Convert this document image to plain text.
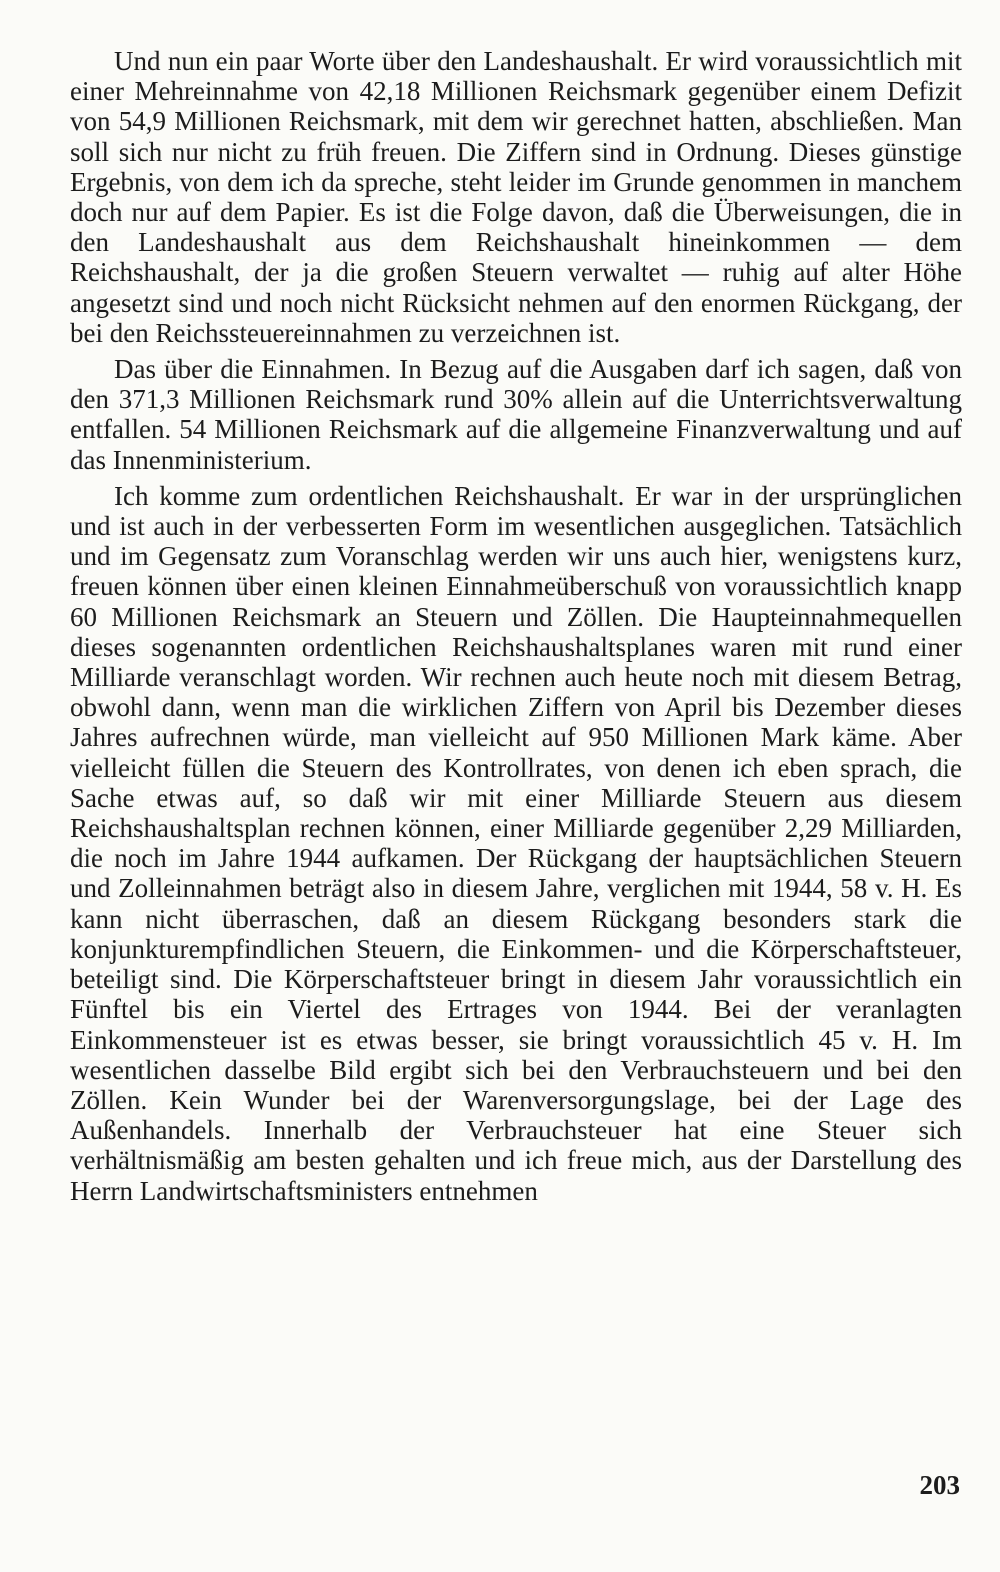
Und nun ein paar Worte über den Landeshaushalt. Er wird voraussichtlich mit einer Mehreinnahme von 42,18 Millionen Reichsmark gegenüber einem Defizit von 54,9 Millionen Reichsmark, mit dem wir gerechnet hatten, abschließen. Man soll sich nur nicht zu früh freuen. Die Ziffern sind in Ordnung. Dieses günstige Ergebnis, von dem ich da spreche, steht leider im Grunde genommen in manchem doch nur auf dem Papier. Es ist die Folge davon, daß die Überweisungen, die in den Landeshaushalt aus dem Reichshaushalt hineinkommen — dem Reichshaushalt, der ja die großen Steuern verwaltet — ruhig auf alter Höhe angesetzt sind und noch nicht Rücksicht nehmen auf den enormen Rückgang, der bei den Reichssteuereinnahmen zu verzeichnen ist.

Das über die Einnahmen. In Bezug auf die Ausgaben darf ich sagen, daß von den 371,3 Millionen Reichsmark rund 30% allein auf die Unterrichtsverwaltung entfallen. 54 Millionen Reichsmark auf die allgemeine Finanzverwaltung und auf das Innenministerium.

Ich komme zum ordentlichen Reichshaushalt. Er war in der ursprünglichen und ist auch in der verbesserten Form im wesentlichen ausgeglichen. Tatsächlich und im Gegensatz zum Voranschlag werden wir uns auch hier, wenigstens kurz, freuen können über einen kleinen Einnahmeüberschuß von voraussichtlich knapp 60 Millionen Reichsmark an Steuern und Zöllen. Die Haupteinnahmequellen dieses sogenannten ordentlichen Reichshaushaltsplanes waren mit rund einer Milliarde veranschlagt worden. Wir rechnen auch heute noch mit diesem Betrag, obwohl dann, wenn man die wirklichen Ziffern von April bis Dezember dieses Jahres aufrechnen würde, man vielleicht auf 950 Millionen Mark käme. Aber vielleicht füllen die Steuern des Kontrollrates, von denen ich eben sprach, die Sache etwas auf, so daß wir mit einer Milliarde Steuern aus diesem Reichshaushaltsplan rechnen können, einer Milliarde gegenüber 2,29 Milliarden, die noch im Jahre 1944 aufkamen. Der Rückgang der hauptsächlichen Steuern und Zolleinnahmen beträgt also in diesem Jahre, verglichen mit 1944, 58 v. H. Es kann nicht überraschen, daß an diesem Rückgang besonders stark die konjunkturempfindlichen Steuern, die Einkommen- und die Körperschaftsteuer, beteiligt sind. Die Körperschaftsteuer bringt in diesem Jahr voraussichtlich ein Fünftel bis ein Viertel des Ertrages von 1944. Bei der veranlagten Einkommensteuer ist es etwas besser, sie bringt voraussichtlich 45 v. H. Im wesentlichen dasselbe Bild ergibt sich bei den Verbrauchsteuern und bei den Zöllen. Kein Wunder bei der Warenversorgungslage, bei der Lage des Außenhandels. Innerhalb der Verbrauchsteuer hat eine Steuer sich verhältnismäßig am besten gehalten und ich freue mich, aus der Darstellung des Herrn Landwirtschaftsministers entnehmen

203
